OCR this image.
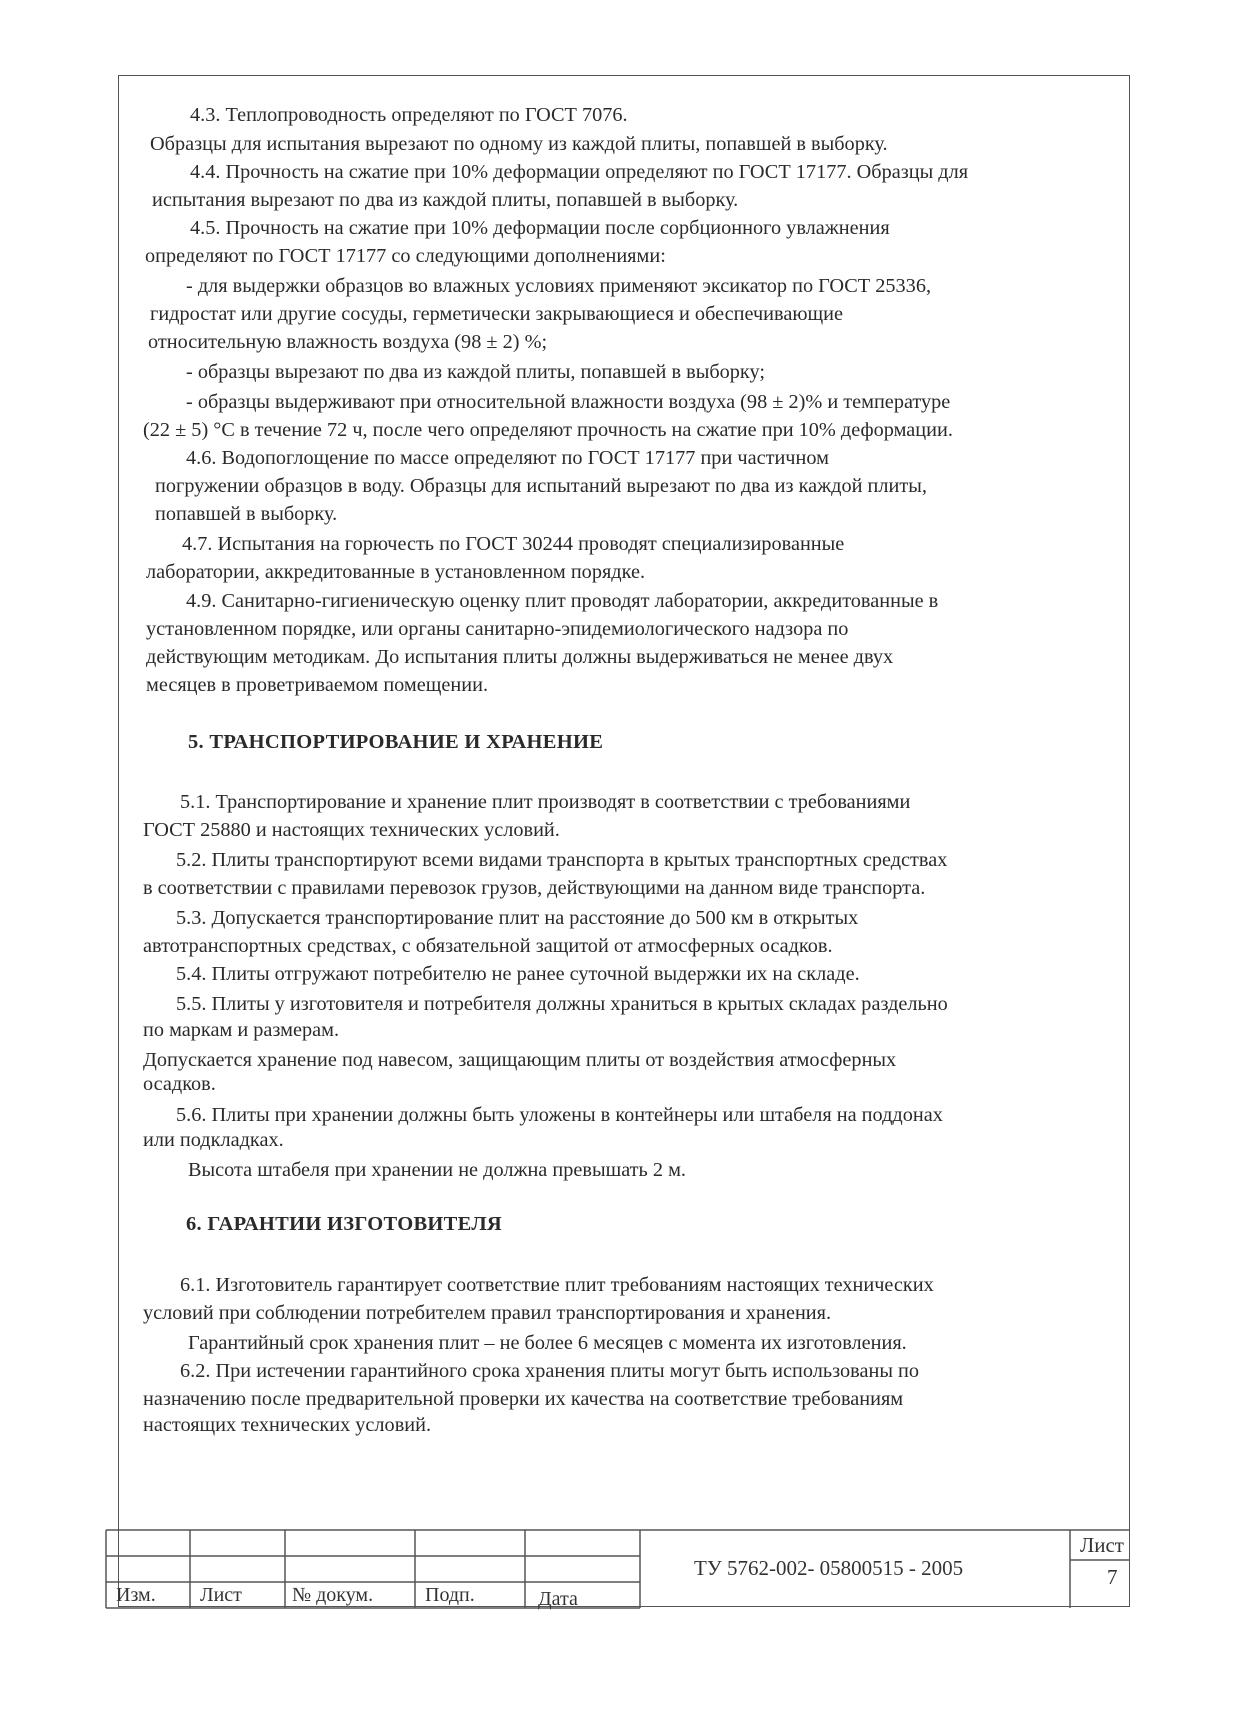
4.3. Теплопроводность определяют по ГОСТ 7076.
Образцы для испытания вырезают по одному из каждой плиты, попавшей в выборку.
4.4. Прочность на сжатие при 10% деформации определяют по ГОСТ 17177. Образцы для
испытания вырезают по два из каждой плиты, попавшей в выборку.
4.5. Прочность на сжатие при 10% деформации после сорбционного увлажнения
определяют по ГОСТ 17177 со следующими дополнениями:
- для выдержки образцов во влажных условиях применяют эксикатор по ГОСТ 25336,
гидростат или другие сосуды, герметически закрывающиеся и обеспечивающие
относительную влажность воздуха (98 ± 2) %;
- образцы вырезают по два из каждой плиты, попавшей в выборку;
- образцы выдерживают при относительной влажности воздуха (98 ± 2)% и температуре
(22 ± 5) °С в течение 72 ч, после чего определяют прочность на сжатие при 10% деформации.
4.6. Водопоглощение по массе определяют по ГОСТ 17177 при частичном
погружении образцов в воду. Образцы для испытаний вырезают по два из каждой плиты,
попавшей в выборку.
4.7. Испытания на горючесть по ГОСТ 30244 проводят специализированные
лаборатории, аккредитованные в установленном порядке.
4.9. Санитарно-гигиеническую оценку плит проводят лаборатории, аккредитованные в
установленном порядке, или органы санитарно-эпидемиологического надзора по
действующим методикам. До испытания плиты должны выдерживаться не менее двух
месяцев в проветриваемом помещении.
5. ТРАНСПОРТИРОВАНИЕ И ХРАНЕНИЕ
5.1. Транспортирование и хранение плит производят в соответствии с требованиями
ГОСТ 25880 и настоящих технических условий.
5.2. Плиты транспортируют всеми видами транспорта в крытых транспортных средствах
в соответствии с правилами перевозок грузов, действующими на данном виде транспорта.
5.3. Допускается транспортирование плит на расстояние до 500 км в открытых
автотранспортных средствах, с обязательной защитой от атмосферных осадков.
5.4. Плиты отгружают потребителю не ранее суточной выдержки их на складе.
5.5. Плиты у изготовителя и потребителя должны храниться в крытых складах раздельно
по маркам и размерам.
Допускается хранение под навесом, защищающим плиты от воздействия атмосферных
осадков.
5.6. Плиты при хранении должны быть уложены в контейнеры или штабеля на поддонах
или подкладках.
Высота штабеля при хранении не должна превышать 2 м.
6. ГАРАНТИИ ИЗГОТОВИТЕЛЯ
6.1. Изготовитель гарантирует соответствие плит требованиям настоящих технических
условий при соблюдении потребителем правил транспортирования и хранения.
Гарантийный срок хранения плит – не более 6 месяцев с момента их изготовления.
6.2. При истечении гарантийного срока хранения плиты могут быть использованы по
назначению после предварительной проверки их качества на соответствие требованиям
настоящих технических условий.
Изм. Лист	№ докум.	Подп.	Дата
ТУ 5762-002- 05800515 - 2005
Лист
7
